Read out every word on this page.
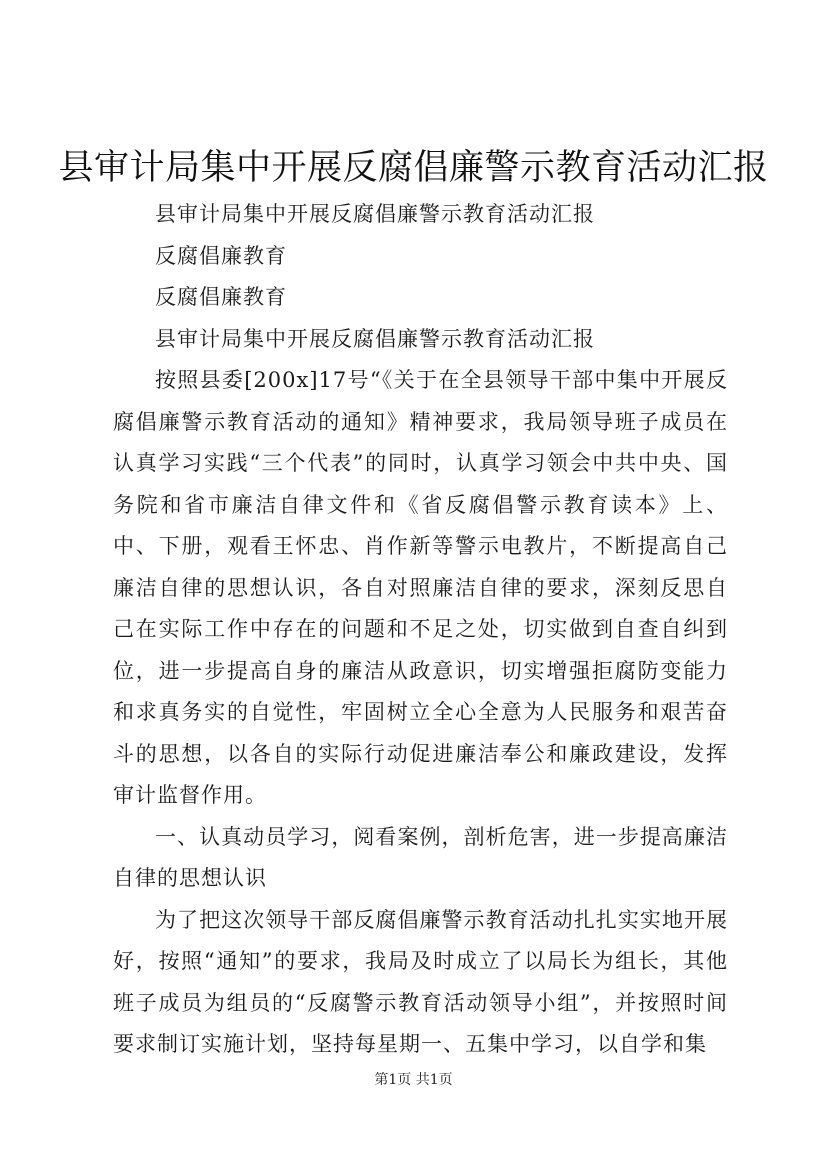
县审计局集中开展反腐倡廉警示教育活动汇报

县审计局集中开展反腐倡廉警示教育活动汇报

反腐倡廉教育

反腐倡廉教育

县审计局集中开展反腐倡廉警示教育活动汇报

按照县委[200x]17号“《关于在全县领导干部中集中开展反腐倡廉警示教育活动的通知》精神要求，我局领导班子成员在认真学习实践“三个代表”的同时，认真学习领会中共中央、国务院和省市廉洁自律文件和《省反腐倡警示教育读本》上、中、下册，观看王怀忠、肖作新等警示电教片，不断提高自己廉洁自律的思想认识，各自对照廉洁自律的要求，深刻反思自己在实际工作中存在的问题和不足之处，切实做到自查自纠到位，进一步提高自身的廉洁从政意识，切实增强拒腐防变能力和求真务实的自觉性，牢固树立全心全意为人民服务和艰苦奋斗的思想，以各自的实际行动促进廉洁奉公和廉政建设，发挥审计监督作用。

一、认真动员学习，阅看案例，剖析危害，进一步提高廉洁自律的思想认识

为了把这次领导干部反腐倡廉警示教育活动扎扎实实地开展好，按照“通知”的要求，我局及时成立了以局长为组长，其他班子成员为组员的“反腐警示教育活动领导小组”，并按照时间要求制订实施计划，坚持每星期一、五集中学习，以自学和集

第1页 共1页
